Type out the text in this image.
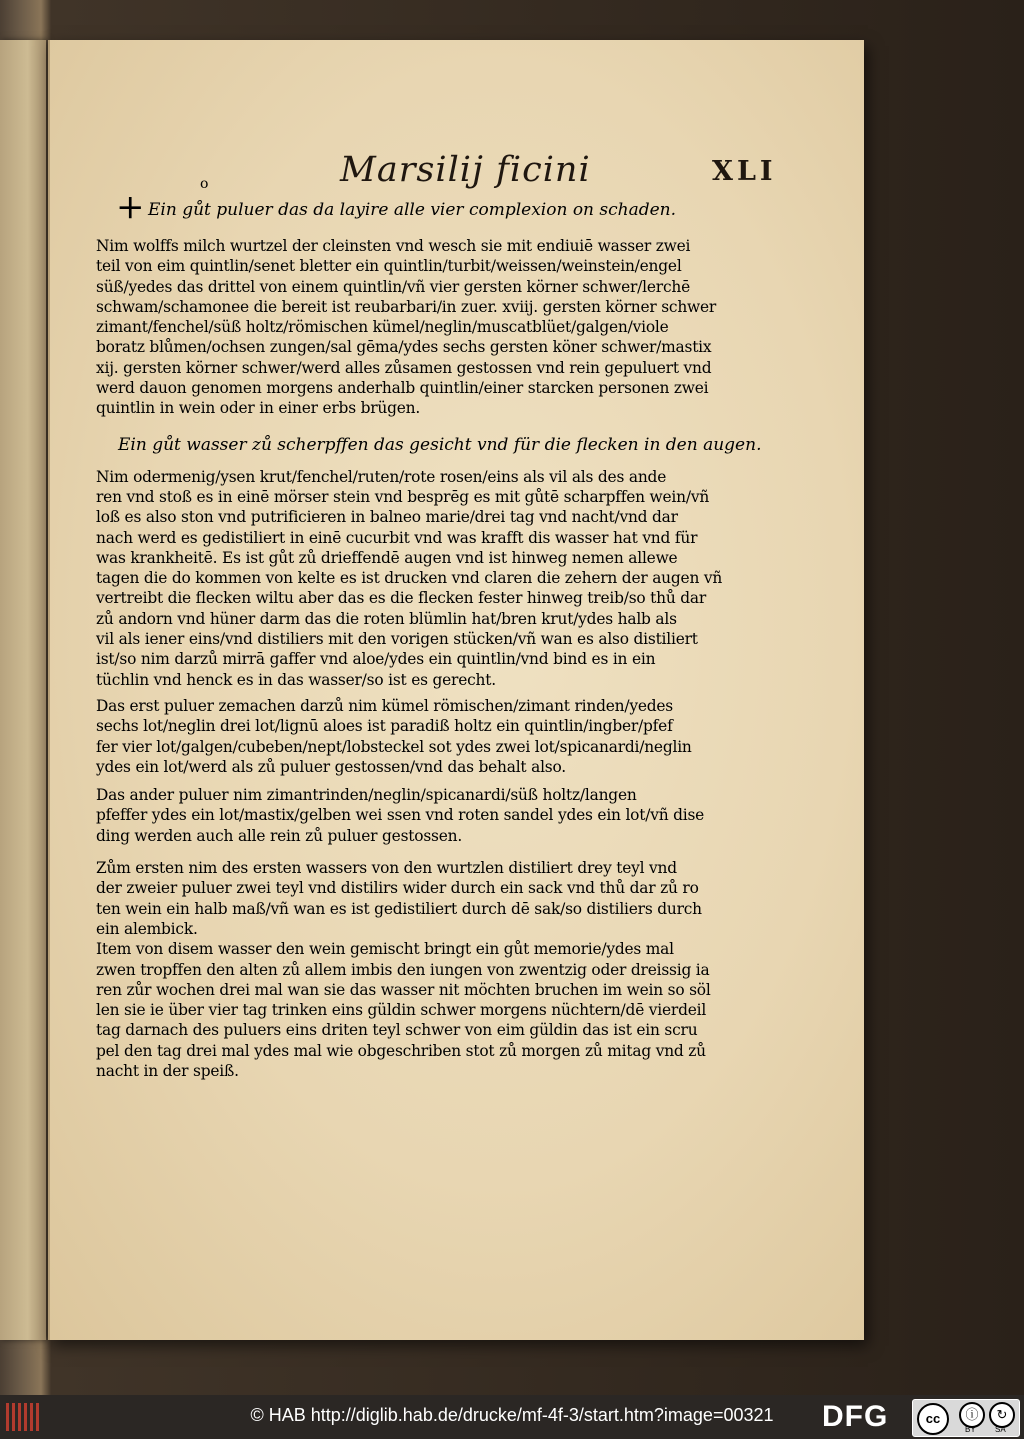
Marsilij ficini	XLI
o
+ Ein gůt puluer das da layire alle vier complexion on schaden.
Nim wolffs milch wurtzel der cleinsten vnd wesch sie mit endiuiē wasser zwei
teil von eim quintlin/senet bletter ein quintlin/turbit/weissen/weinstein/engel
süß/yedes das drittel von einem quintlin/vñ vier gersten körner schwer/lerchē
schwam/schamonee die bereit ist reubarbari/in zuer. xviij. gersten körner schwer
zimant/fenchel/süß holtz/römischen kümel/neglin/muscatblüet/galgen/viole
boratz blůmen/ochsen zungen/sal gēma/ydes sechs gersten köner schwer/mastix
xij. gersten körner schwer/werd alles zůsamen gestossen vnd rein gepuluert vnd
werd dauon genomen morgens anderhalb quintlin/einer starcken personen zwei
quintlin in wein oder in einer erbs brügen.
Ein gůt wasser zů scherpffen das gesicht vnd für die flecken in den augen.
Nim odermenig/ysen krut/fenchel/ruten/rote rosen/eins als vil als des ande
ren vnd stoß es in einē mörser stein vnd besprēg es mit gůtē scharpffen wein/vñ
loß es also ston vnd putrificieren in balneo marie/drei tag vnd nacht/vnd dar
nach werd es gedistiliert in einē cucurbit vnd was krafft dis wasser hat vnd für
was krankheitē. Es ist gůt zů drieffendē augen vnd ist hinweg nemen allewe
tagen die do kommen von kelte es ist drucken vnd claren die zehern der augen vñ
vertreibt die flecken wiltu aber das es die flecken fester hinweg treib/so thů dar
zů andorn vnd hüner darm das die roten blümlin hat/bren krut/ydes halb als
vil als iener eins/vnd distiliers mit den vorigen stücken/vñ wan es also distiliert
ist/so nim darzů mirrā gaffer vnd aloe/ydes ein quintlin/vnd bind es in ein
tüchlin vnd henck es in das wasser/so ist es gerecht.
Das erst puluer zemachen darzů nim kümel römischen/zimant rinden/yedes
sechs lot/neglin drei lot/lignū aloes ist paradiß holtz ein quintlin/ingber/pfef
fer vier lot/galgen/cubeben/nept/lobsteckel sot ydes zwei lot/spicanardi/neglin
ydes ein lot/werd als zů puluer gestossen/vnd das behalt also.
Das ander puluer nim zimantrinden/neglin/spicanardi/süß holtz/langen
pfeffer ydes ein lot/mastix/gelben wei ssen vnd roten sandel ydes ein lot/vñ dise
ding werden auch alle rein zů puluer gestossen.
Zům ersten nim des ersten wassers von den wurtzlen distiliert drey teyl vnd
der zweier puluer zwei teyl vnd distilirs wider durch ein sack vnd thů dar zů ro
ten wein ein halb maß/vñ wan es ist gedistiliert durch dē sak/so distiliers durch
ein alembick.
Item von disem wasser den wein gemischt bringt ein gůt memorie/ydes mal
zwen tropffen den alten zů allem imbis den iungen von zwentzig oder dreissig ia
ren zůr wochen drei mal wan sie das wasser nit möchten bruchen im wein so söl
len sie ie über vier tag trinken eins güldin schwer morgens nüchtern/dē vierdeil
tag darnach des puluers eins driten teyl schwer von eim güldin das ist ein scru
pel den tag drei mal ydes mal wie obgeschriben stot zů morgen zů mitag vnd zů
nacht in der speiß.
© HAB http://diglib.hab.de/drucke/mf-4f-3/start.htm?image=00321	DFG	cc	ⓘ	↻
BY SA
